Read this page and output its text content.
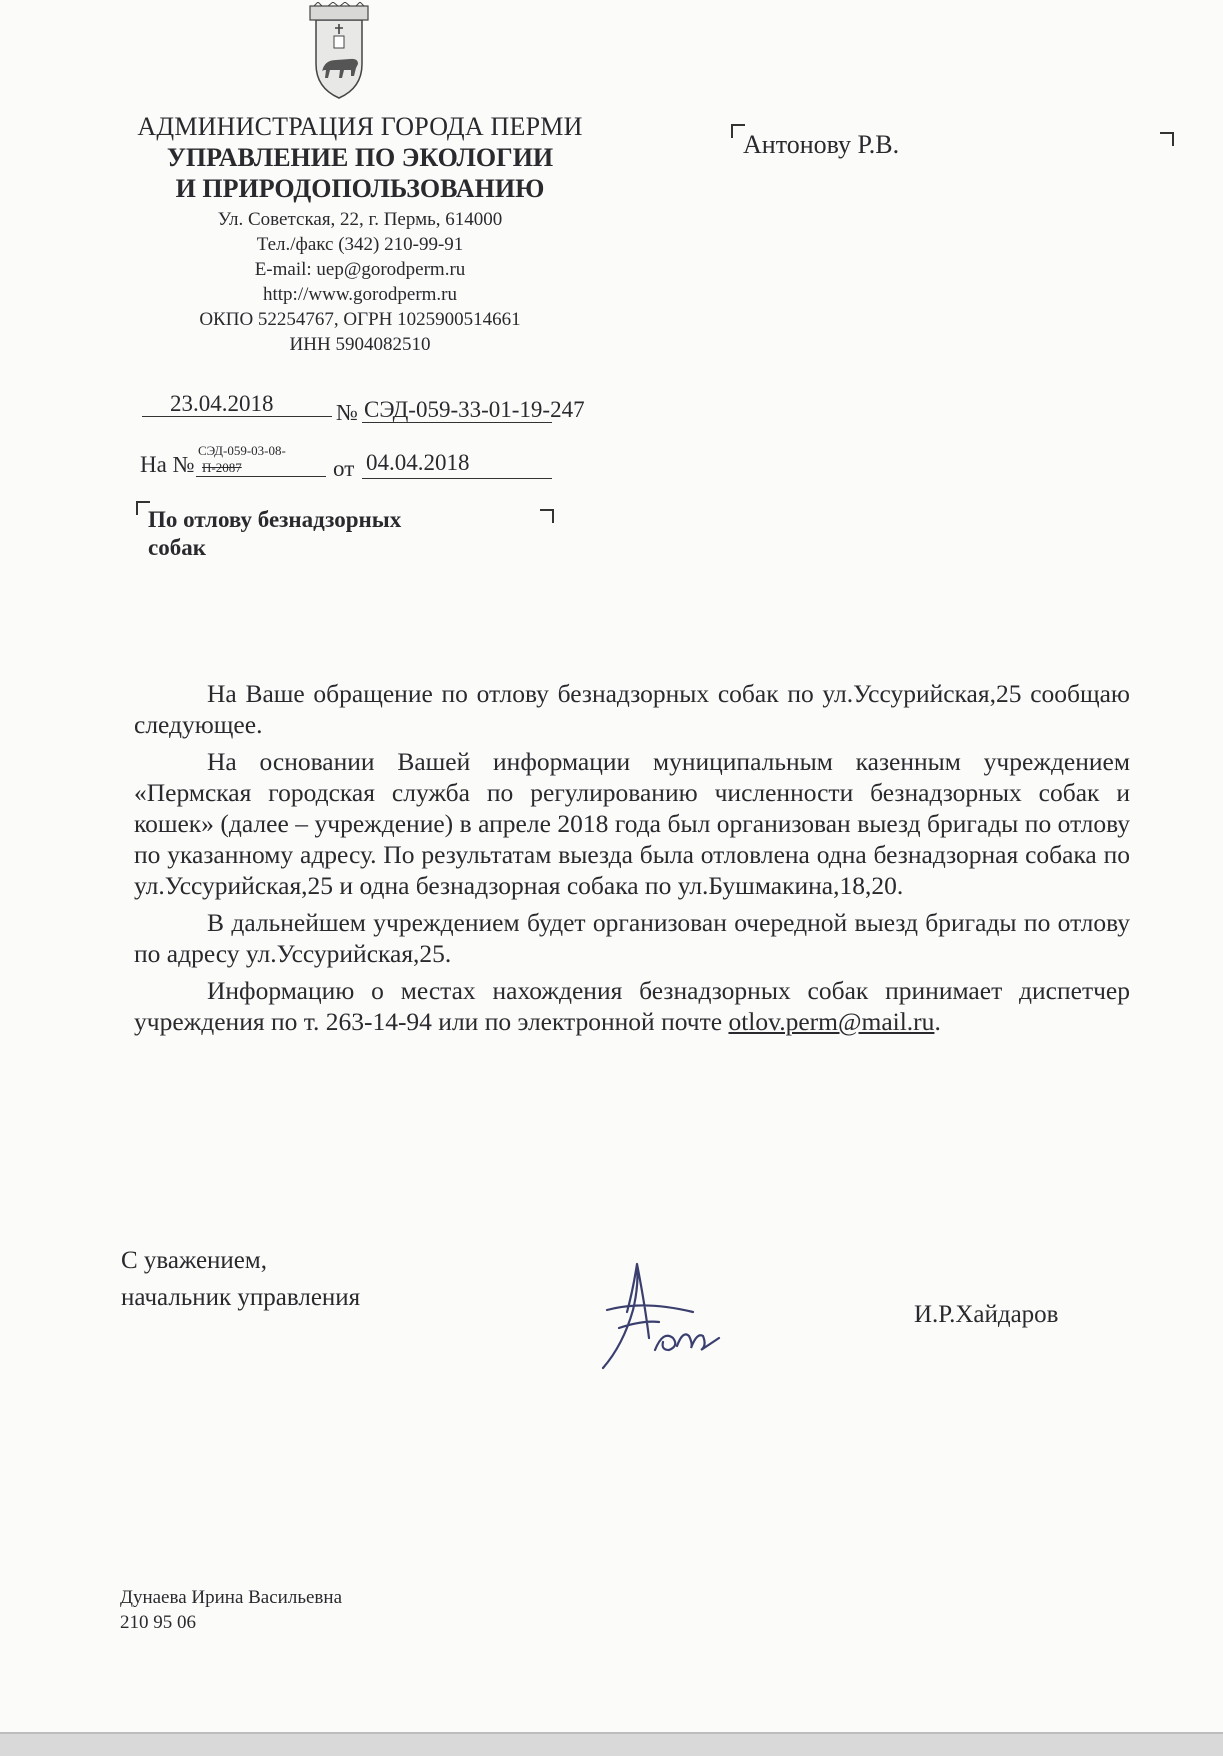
АДМИНИСТРАЦИЯ ГОРОДА ПЕРМИ
УПРАВЛЕНИЕ ПО ЭКОЛОГИИ
И ПРИРОДОПОЛЬЗОВАНИЮ
Ул. Советская, 22, г. Пермь, 614000
Тел./факс (342) 210-99-91
E-mail: uep@gorodperm.ru
http://www.gorodperm.ru
ОКПО 52254767, ОГРН 1025900514661
ИНН 5904082510
Антонову Р.В.
23.04.2018	№ СЭД-059-33-01-19-247
На №
СЭД-059-03-08-
П-2087	от 04.04.2018
По отлову безнадзорных
собак

На Ваше обращение по отлову безнадзорных собак по ул.Уссурийская,25 сообщаю следующее.

На основании Вашей информации муниципальным казенным учреждением «Пермская городская служба по регулированию численности безнадзорных собак и кошек» (далее – учреждение) в апреле 2018 года был организован выезд бригады по отлову по указанному адресу. По результатам выезда была отловлена одна безнадзорная собака по ул.Уссурийская,25 и одна безнадзорная собака по ул.Бушмакина,18,20.

В дальнейшем учреждением будет организован очередной выезд бригады по отлову по адресу ул.Уссурийская,25.

Информацию о местах нахождения безнадзорных собак принимает диспетчер учреждения по т. 263-14-94 или по электронной почте otlov.perm@mail.ru.

С уважением,
начальник управления
И.Р.Хайдаров
Дунаева Ирина Васильевна
210 95 06
